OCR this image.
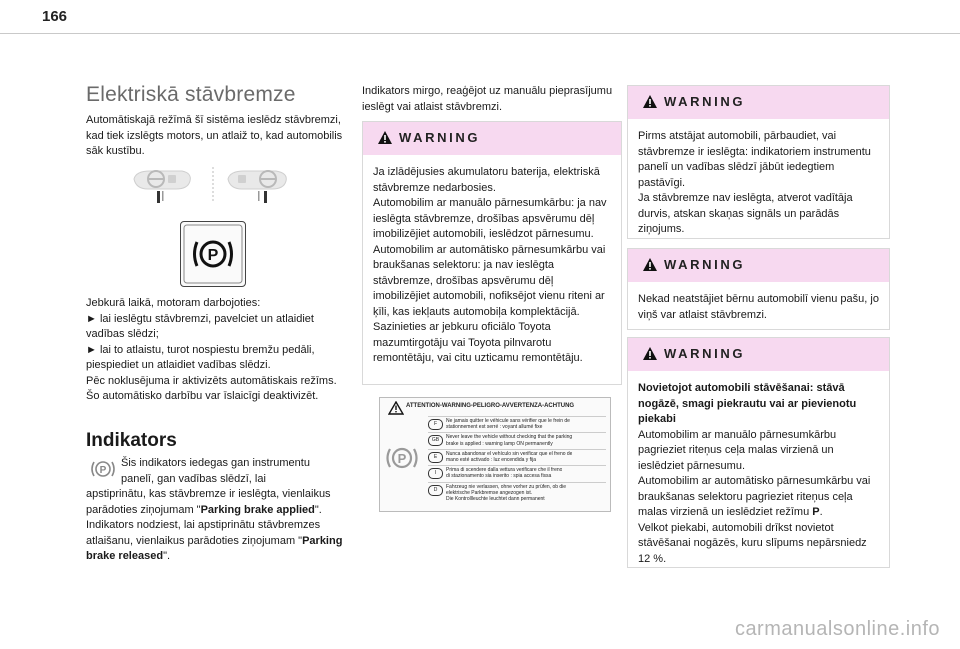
166
Elektriskā stāvbremze

Automātiskajā režīmā šī sistēma ieslēdz stāvbremzi, kad tiek izslēgts motors, un atlaiž to, kad automobilis sāk kustību.

P

Jebkurā laikā, motoram darbojoties:

► lai ieslēgtu stāvbremzi, pavelciet un atlaidiet vadības slēdzi;

► lai to atlaistu, turot nospiestu bremžu pedāli, piespiediet un atlaidiet vadības slēdzi.

Pēc noklusējuma ir aktivizēts automātiskais režīms.

Šo automātisko darbību var īslaicīgi deaktivizēt.

Indikators
P

Šis indikators iedegas gan instrumentu

panelī, gan vadības slēdzī, lai

apstiprinātu, kas stāvbremze ir ieslēgta, vienlaikus parādoties ziņojumam "Parking brake applied".

Indikators nodziest, lai apstiprinātu stāvbremzes atlaišanu, vienlaikus parādoties ziņojumam "Parking brake released".

Indikators mirgo, reaģējot uz manuālu pieprasījumu ieslēgt vai atlaist stāvbremzi.

WARNING

Ja izlādējusies akumulatoru baterija, elektriskā stāvbremze nedarbosies.

Automobilim ar manuālo pārnesumkārbu: ja nav ieslēgta stāvbremze, drošības apsvērumu dēļ imobilizējiet automobili, ieslēdzot pārnesumu.

Automobilim ar automātisko pārnesumkārbu vai braukšanas selektoru: ja nav ieslēgta stāvbremze, drošības apsvērumu dēļ imobilizējiet automobili, nofiksējot vienu riteni ar ķīli, kas iekļauts automobiļa komplektācijā.

Sazinieties ar jebkuru oficiālo Toyota mazumtirgotāju vai Toyota pilnvarotu remontētāju, vai citu uzticamu remontētāju.

ATTENTION-WARNING-PELIGRO-AVVERTENZA-ACHTUNG
P
F	Ne jamais quitter le véhicule sans vérifier que le frein de
stationnement est serré : voyant allumé fixe
GB	Never leave the vehicle without checking that the parking
brake is applied : warning lamp ON permanently
E	Nunca abandonar el vehículo sin verificar que el freno de
mano esté activado : luz encendida y fija
I	Prima di scendere dalla vettura verificare che il freno
di stazionamento sia inserito : spia accesa fissa
D	Fahrzeug nie verlassen, ohne vorher zu prüfen, ob die
elektrische Parkbremse angezogen ist.
Die Kontrollleuchte leuchtet dann permanent
WARNING

Pirms atstājat automobili, pārbaudiet, vai stāvbremze ir ieslēgta: indikatoriem instrumentu panelī un vadības slēdzī jābūt iedegtiem pastāvīgi.

Ja stāvbremze nav ieslēgta, atverot vadītāja durvis, atskan skaņas signāls un parādās ziņojums.

WARNING

Nekad neatstājiet bērnu automobilī vienu pašu, jo viņš var atlaist stāvbremzi.

WARNING

Novietojot automobili stāvēšanai: stāvā nogāzē, smagi piekrautu vai ar pievienotu piekabi

Automobilim ar manuālo pārnesumkārbu pagrieziet riteņus ceļa malas virzienā un ieslēdziet pārnesumu.

Automobilim ar automātisko pārnesumkārbu vai braukšanas selektoru pagrieziet riteņus ceļa malas virzienā un ieslēdziet režīmu P.

Velkot piekabi, automobili drīkst novietot stāvēšanai nogāzēs, kuru slīpums nepārsniedz 12 %.

carmanualsonline.info
